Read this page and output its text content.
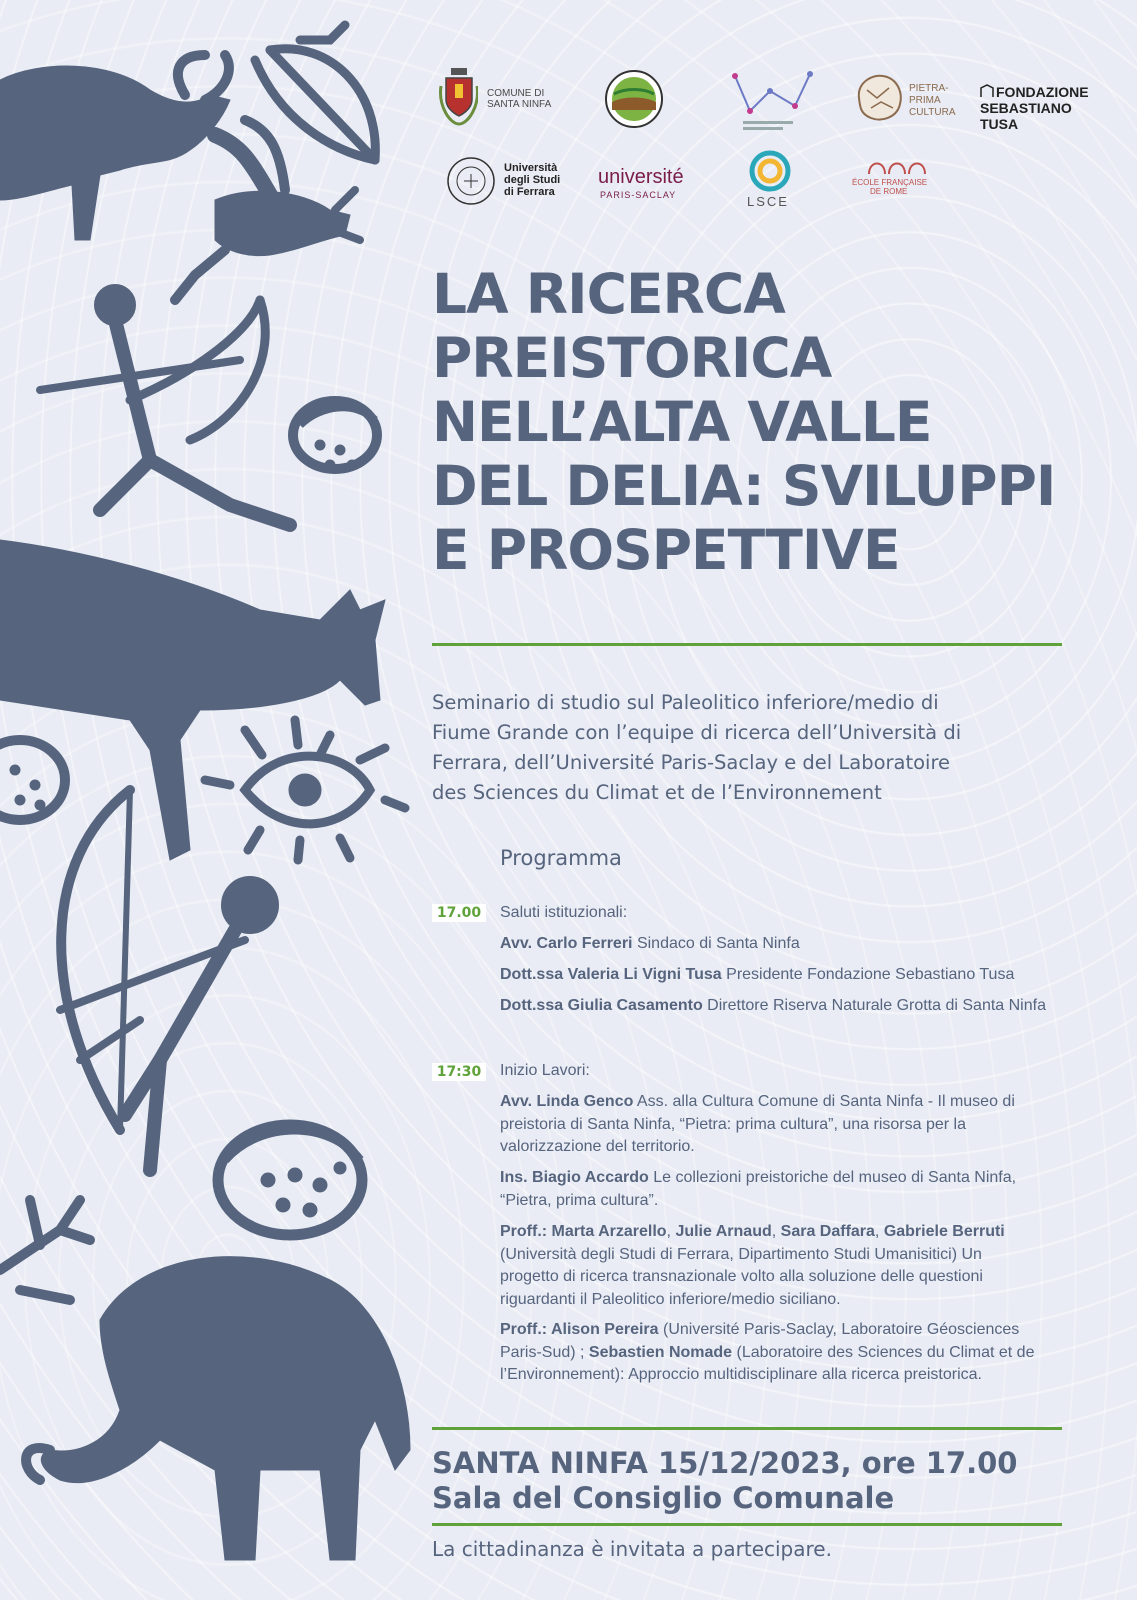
COMUNE DI
SANTA NINFA
PIETRA-
PRIMA
CULTURA
FONDAZIONE
SEBASTIANO TUSA
Università
degli Studi
di Ferrara
université
PARIS-SACLAY	LSCE
ÉCOLE FRANÇAISE
DE ROME
LA RICERCA
PREISTORICA
NELL’ALTA VALLE
DEL DELIA: SVILUPPI
E PROSPETTIVE
Seminario di studio sul Paleolitico inferiore/medio di
Fiume Grande con l’equipe di ricerca dell’Università di
Ferrara, dell’Université Paris-Saclay e del Laboratoire
des Sciences du Climat et de l’Environnement
Programma
17.00	Saluti istituzionali:
Avv. Carlo Ferreri Sindaco di Santa Ninfa
Dott.ssa Valeria Li Vigni Tusa Presidente Fondazione Sebastiano Tusa
Dott.ssa Giulia Casamento Direttore Riserva Naturale Grotta di Santa Ninfa
17:30 Inizio Lavori:
Avv. Linda Genco Ass. alla Cultura Comune di Santa Ninfa - Il museo di
preistoria di Santa Ninfa, “Pietra: prima cultura”, una risorsa per la
valorizzazione del territorio.
Ins. Biagio Accardo Le collezioni preistoriche del museo di Santa Ninfa,
“Pietra, prima cultura”.
Proff.: Marta Arzarello, Julie Arnaud, Sara Daffara, Gabriele Berruti
(Università degli Studi di Ferrara, Dipartimento Studi Umanisitici) Un
progetto di ricerca transnazionale volto alla soluzione delle questioni
riguardanti il Paleolitico inferiore/medio siciliano.
Proff.: Alison Pereira (Université Paris-Saclay, Laboratoire Géosciences
Paris-Sud) ; Sebastien Nomade (Laboratoire des Sciences du Climat et de
l’Environnement): Approccio multidisciplinare alla ricerca preistorica.
SANTA NINFA 15/12/2023, ore 17.00
Sala del Consiglio Comunale
La cittadinanza è invitata a partecipare.
